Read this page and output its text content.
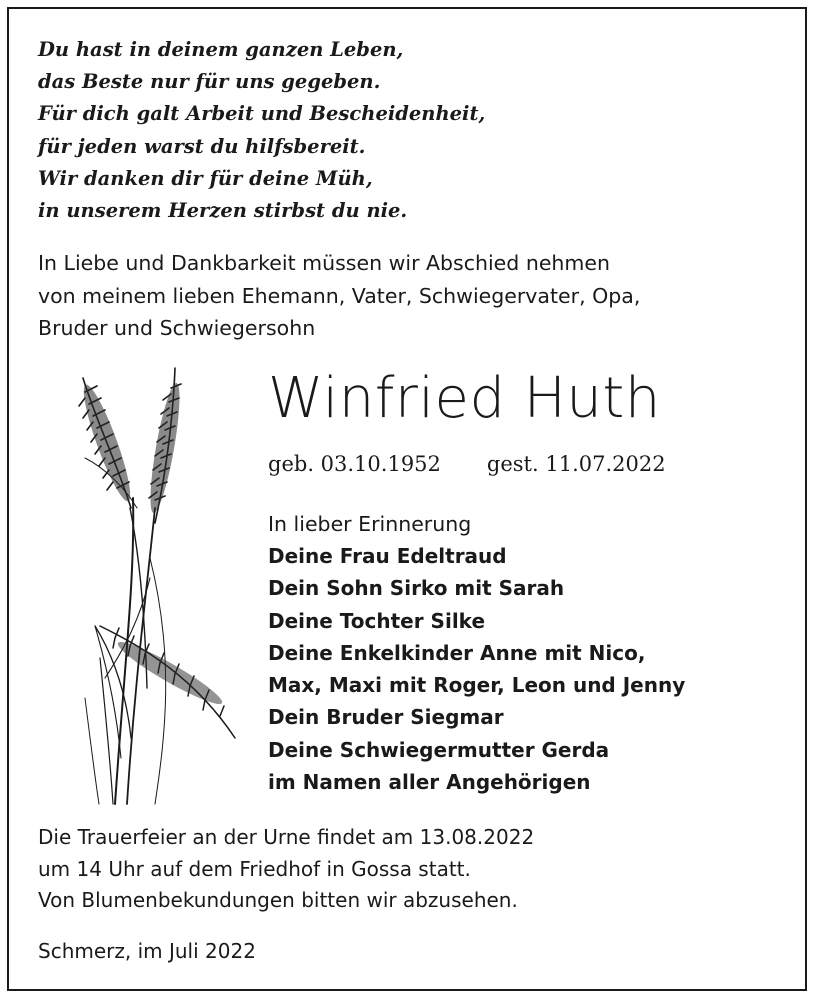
Du hast in deinem ganzen Leben,
das Beste nur für uns gegeben.
Für dich galt Arbeit und Bescheidenheit,
für jeden warst du hilfsbereit.
Wir danken dir für deine Müh,
in unserem Herzen stirbst du nie.
In Liebe und Dankbarkeit müssen wir Abschied nehmen
von meinem lieben Ehemann, Vater, Schwiegervater, Opa,
Bruder und Schwiegersohn
Winfried Huth
geb. 03.10.1952 gest. 11.07.2022
In lieber Erinnerung
Deine Frau Edeltraud
Dein Sohn Sirko mit Sarah
Deine Tochter Silke
Deine Enkelkinder Anne mit Nico,
Max, Maxi mit Roger, Leon und Jenny
Dein Bruder Siegmar
Deine Schwiegermutter Gerda
im Namen aller Angehörigen
Die Trauerfeier an der Urne findet am 13.08.2022
um 14 Uhr auf dem Friedhof in Gossa statt.
Von Blumenbekundungen bitten wir abzusehen.
Schmerz, im Juli 2022
